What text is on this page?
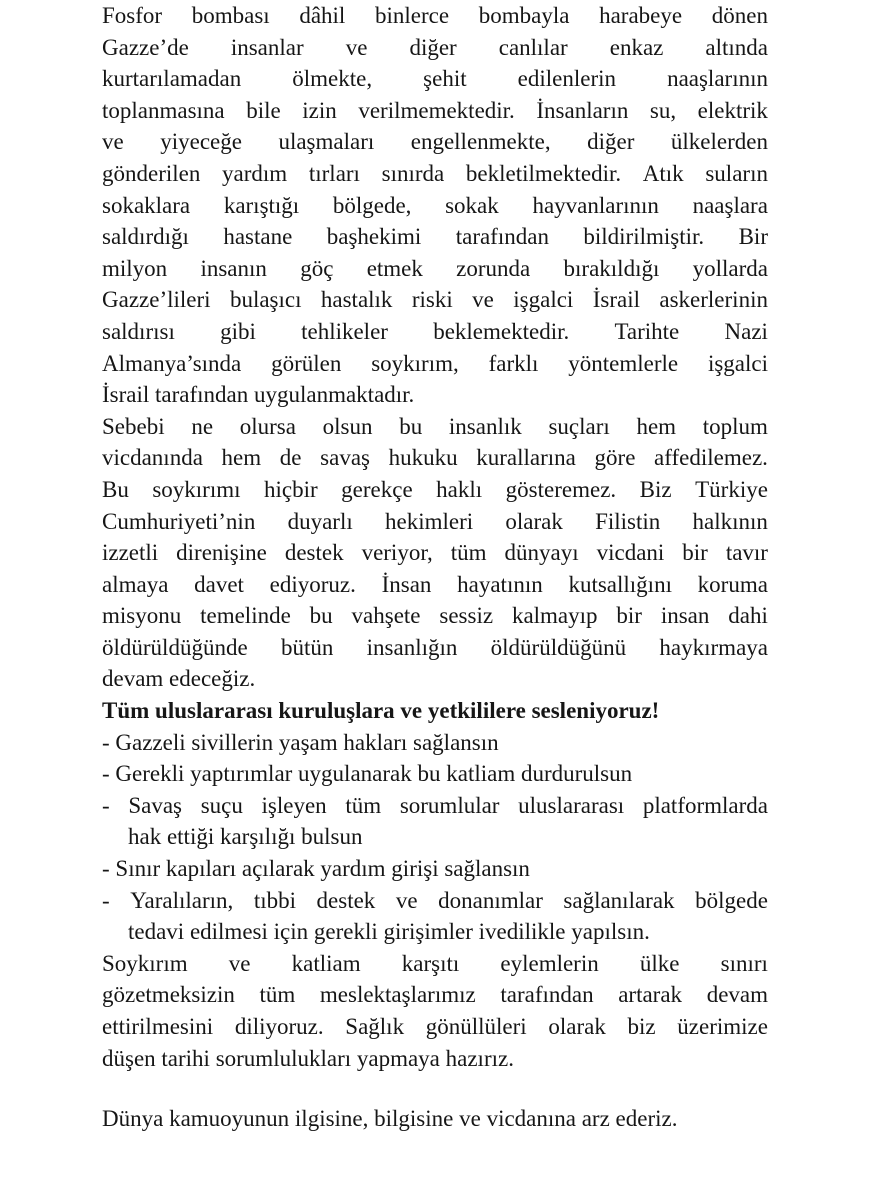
Fosfor bombası dâhil binlerce bombayla harabeye dönen
Gazze’de insanlar ve diğer canlılar enkaz altında
kurtarılamadan ölmekte, şehit edilenlerin naaşlarının
toplanmasına bile izin verilmemektedir. İnsanların su, elektrik
ve yiyeceğe ulaşmaları engellenmekte, diğer ülkelerden
gönderilen yardım tırları sınırda bekletilmektedir. Atık suların
sokaklara karıştığı bölgede, sokak hayvanlarının naaşlara
saldırdığı hastane başhekimi tarafından bildirilmiştir. Bir
milyon insanın göç etmek zorunda bırakıldığı yollarda
Gazze’lileri bulaşıcı hastalık riski ve işgalci İsrail askerlerinin
saldırısı gibi tehlikeler beklemektedir. Tarihte Nazi
Almanya’sında görülen soykırım, farklı yöntemlerle işgalci
İsrail tarafından uygulanmaktadır.
Sebebi ne olursa olsun bu insanlık suçları hem toplum
vicdanında hem de savaş hukuku kurallarına göre affedilemez.
Bu soykırımı hiçbir gerekçe haklı gösteremez. Biz Türkiye
Cumhuriyeti’nin duyarlı hekimleri olarak Filistin halkının
izzetli direnişine destek veriyor, tüm dünyayı vicdani bir tavır
almaya davet ediyoruz. İnsan hayatının kutsallığını koruma
misyonu temelinde bu vahşete sessiz kalmayıp bir insan dahi
öldürüldüğünde bütün insanlığın öldürüldüğünü haykırmaya
devam edeceğiz.
Tüm uluslararası kuruluşlara ve yetkililere sesleniyoruz!
- Gazzeli sivillerin yaşam hakları sağlansın
- Gerekli yaptırımlar uygulanarak bu katliam durdurulsun
- Savaş suçu işleyen tüm sorumlular uluslararası platformlarda
hak ettiği karşılığı bulsun
- Sınır kapıları açılarak yardım girişi sağlansın
- Yaralıların, tıbbi destek ve donanımlar sağlanılarak bölgede
tedavi edilmesi için gerekli girişimler ivedilikle yapılsın.
Soykırım ve katliam karşıtı eylemlerin ülke sınırı
gözetmeksizin tüm meslektaşlarımız tarafından artarak devam
ettirilmesini diliyoruz. Sağlık gönüllüleri olarak biz üzerimize
düşen tarihi sorumlulukları yapmaya hazırız.
Dünya kamuoyunun ilgisine, bilgisine ve vicdanına arz ederiz.
